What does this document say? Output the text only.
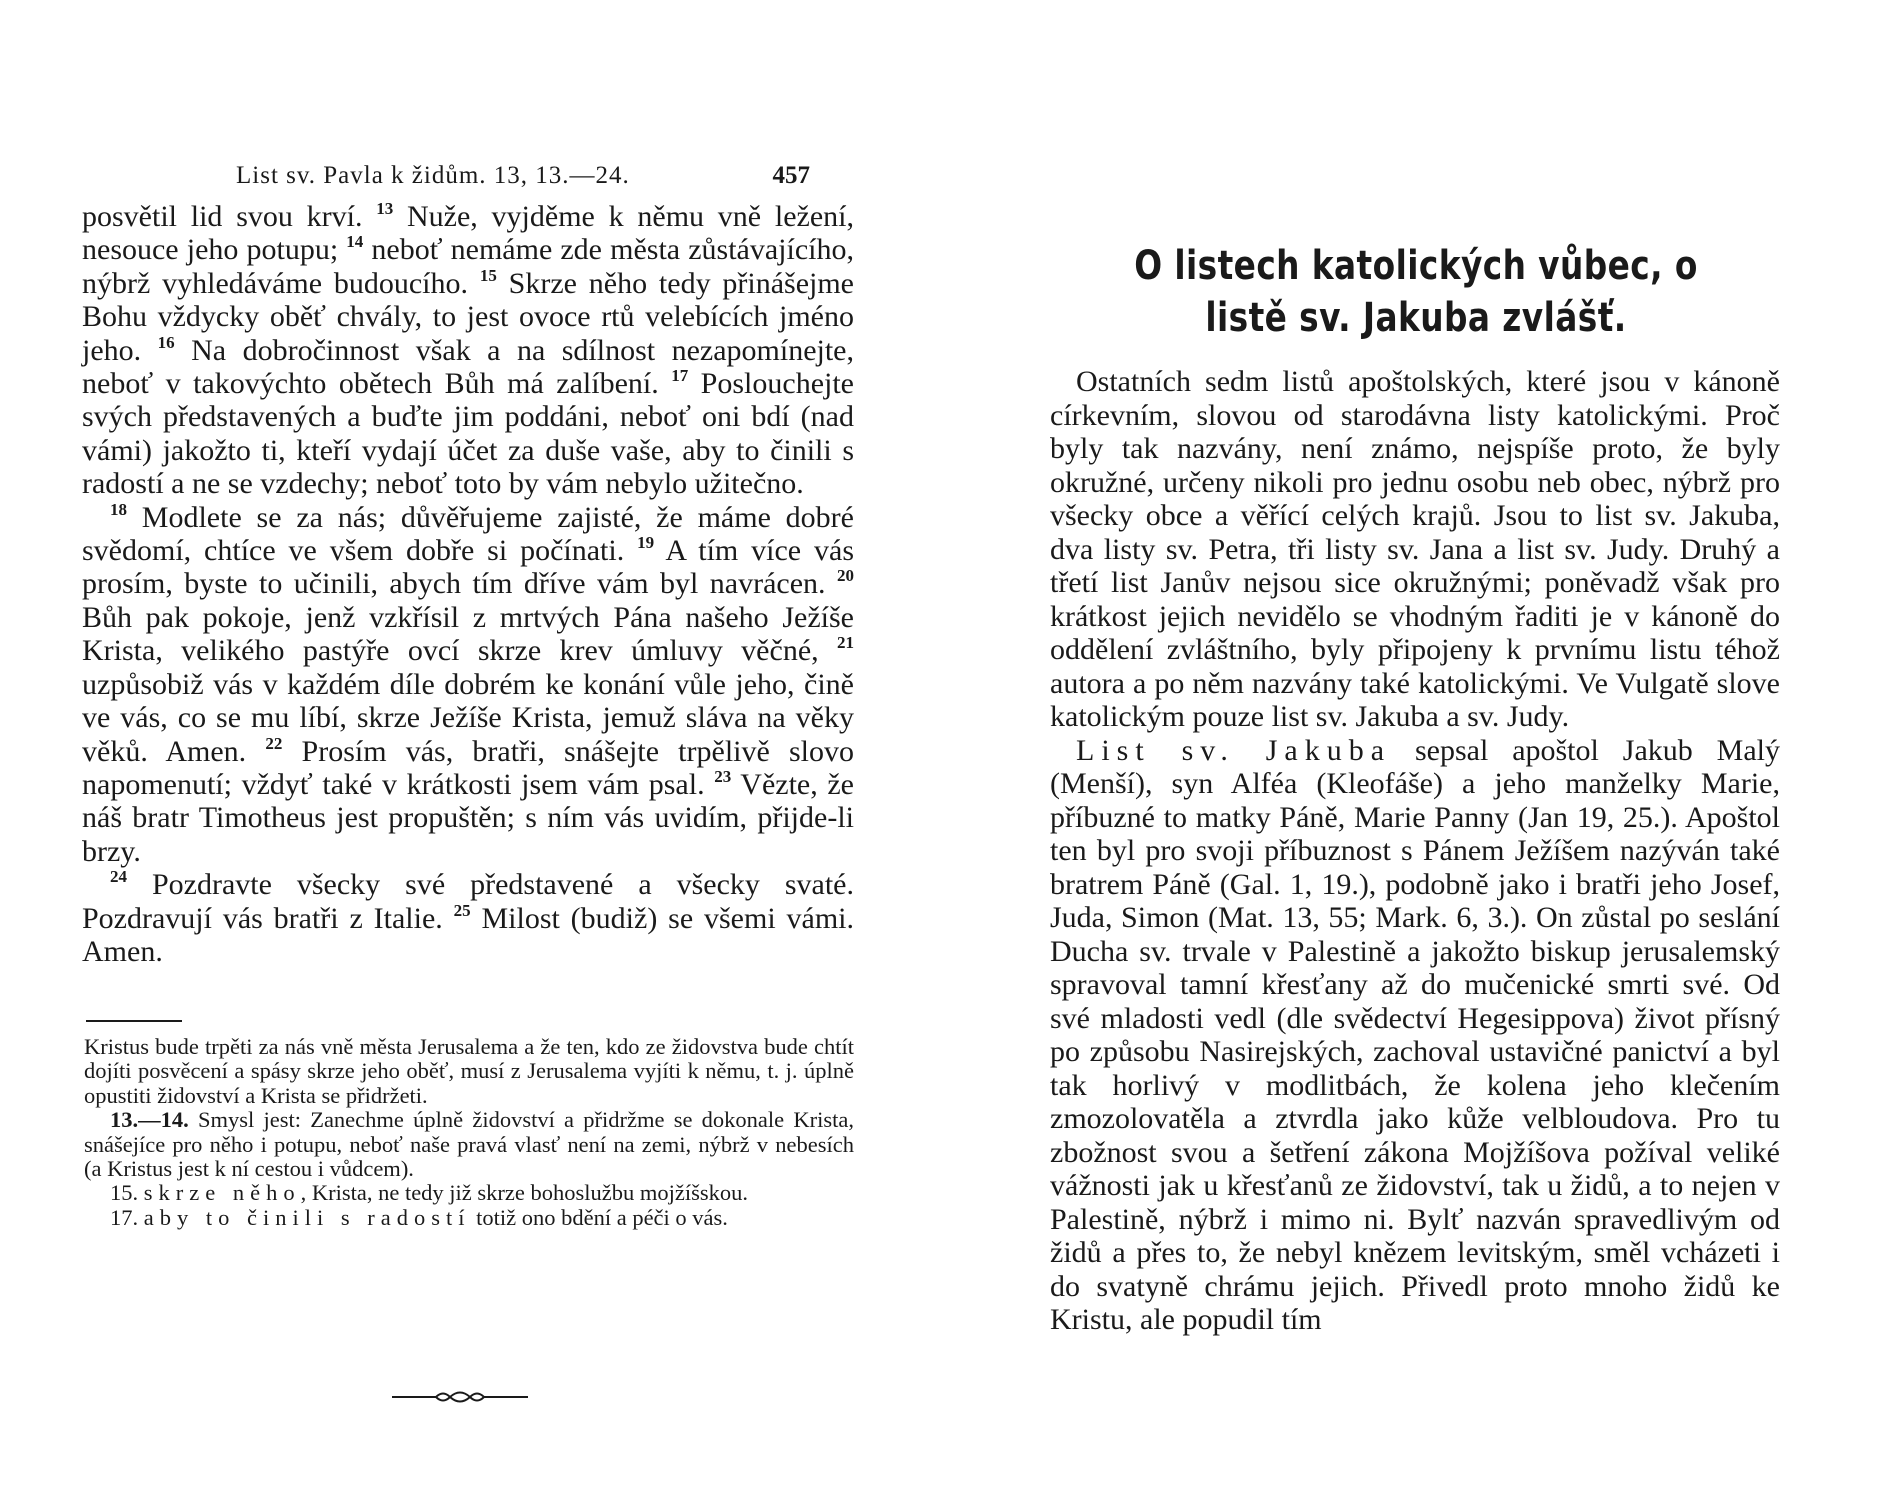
List sv. Pavla k židům. 13, 13.—24.	457

posvětil lid svou krví. $^{13}$ Nuže, vyjděme k němu vně ležení, nesouce jeho potupu; $^{14}$ neboť nemáme zde města zůstávajícího, nýbrž vyhledáváme budoucího. $^{15}$ Skrze něho tedy přinášejme Bohu vždycky oběť chvály, to jest ovoce rtů velebících jméno jeho. $^{16}$ Na dobročinnost však a na sdílnost nezapomínejte, neboť v takovýchto obětech Bůh má zalíbení. $^{17}$ Poslouchejte svých představených a buďte jim poddáni, neboť oni bdí (nad vámi) jakožto ti, kteří vydají účet za duše vaše, aby to činili s radostí a ne se vzdechy; neboť toto by vám nebylo užitečno.

$^{18}$ Modlete se za nás; důvěřujeme zajisté, že máme dobré svědomí, chtíce ve všem dobře si počínati. $^{19}$ A tím více vás prosím, byste to učinili, abych tím dříve vám byl navrácen. $^{20}$ Bůh pak pokoje, jenž vzkřísil z mrtvých Pána našeho Ježíše Krista, velikého pastýře ovcí skrze krev úmluvy věčné, $^{21}$ uzpůsobiž vás v každém díle dobrém ke konání vůle jeho, čině ve vás, co se mu líbí, skrze Ježíše Krista, jemuž sláva na věky věků. Amen. $^{22}$ Prosím vás, bratři, snášejte trpělivě slovo napomenutí; vždyť také v krátkosti jsem vám psal. $^{23}$ Vězte, že náš bratr Timotheus jest propuštěn; s ním vás uvidím, přijde-li brzy.

$^{24}$ Pozdravte všecky své představené a všecky svaté. Pozdravují vás bratři z Italie. $^{25}$ Milost (budiž) se všemi vámi. Amen.

Kristus bude trpěti za nás vně města Jerusalema a že ten, kdo ze židovstva bude chtít dojíti posvěcení a spásy skrze jeho oběť, musí z Jerusalema vyjíti k němu, t. j. úplně opustiti židovství a Krista se přidržeti.

13.—14. Smysl jest: Zanechme úplně židovství a přidržme se dokonale Krista, snášejíce pro něho i potupu, neboť naše pravá vlasť není na zemi, nýbrž v nebesích (a Kristus jest k ní cestou i vůdcem).

15. skrze něho, Krista, ne tedy již skrze bohoslužbu mojžíšskou.

17. aby to činili s radostí totiž ono bdění a péči o vás.

O listech katolických vůbec, o listě sv. Jakuba zvlášť.

Ostatních sedm listů apoštolských, které jsou v kánoně církevním, slovou od starodávna listy katolickými. Proč byly tak nazvány, není známo, nejspíše proto, že byly okružné, určeny nikoli pro jednu osobu neb obec, nýbrž pro všecky obce a věřící celých krajů. Jsou to list sv. Jakuba, dva listy sv. Petra, tři listy sv. Jana a list sv. Judy. Druhý a třetí list Janův nejsou sice okružnými; poněvadž však pro krátkost jejich nevidělo se vhodným řaditi je v kánoně do oddělení zvláštního, byly připojeny k prvnímu listu téhož autora a po něm nazvány také katolickými. Ve Vulgatě slove katolickým pouze list sv. Jakuba a sv. Judy.

List sv. Jakuba sepsal apoštol Jakub Malý (Menší), syn Alféa (Kleofáše) a jeho manželky Marie, příbuzné to matky Páně, Marie Panny (Jan 19, 25.). Apoštol ten byl pro svoji příbuznost s Pánem Ježíšem nazýván také bratrem Páně (Gal. 1, 19.), podobně jako i bratři jeho Josef, Juda, Simon (Mat. 13, 55; Mark. 6, 3.). On zůstal po seslání Ducha sv. trvale v Palestině a jakožto biskup jerusalemský spravoval tamní křesťany až do mučenické smrti své. Od své mladosti vedl (dle svědectví Hegesippova) život přísný po způsobu Nasirejských, zachoval ustavičné panictví a byl tak horlivý v modlitbách, že kolena jeho klečením zmozolovatěla a ztvrdla jako kůže velbloudova. Pro tu zbožnost svou a šetření zákona Mojžíšova požíval veliké vážnosti jak u křesťanů ze židovství, tak u židů, a to nejen v Palestině, nýbrž i mimo ni. Bylť nazván spravedlivým od židů a přes to, že nebyl knězem levitským, směl vcházeti i do svatyně chrámu jejich. Přivedl proto mnoho židů ke Kristu, ale popudil tím
